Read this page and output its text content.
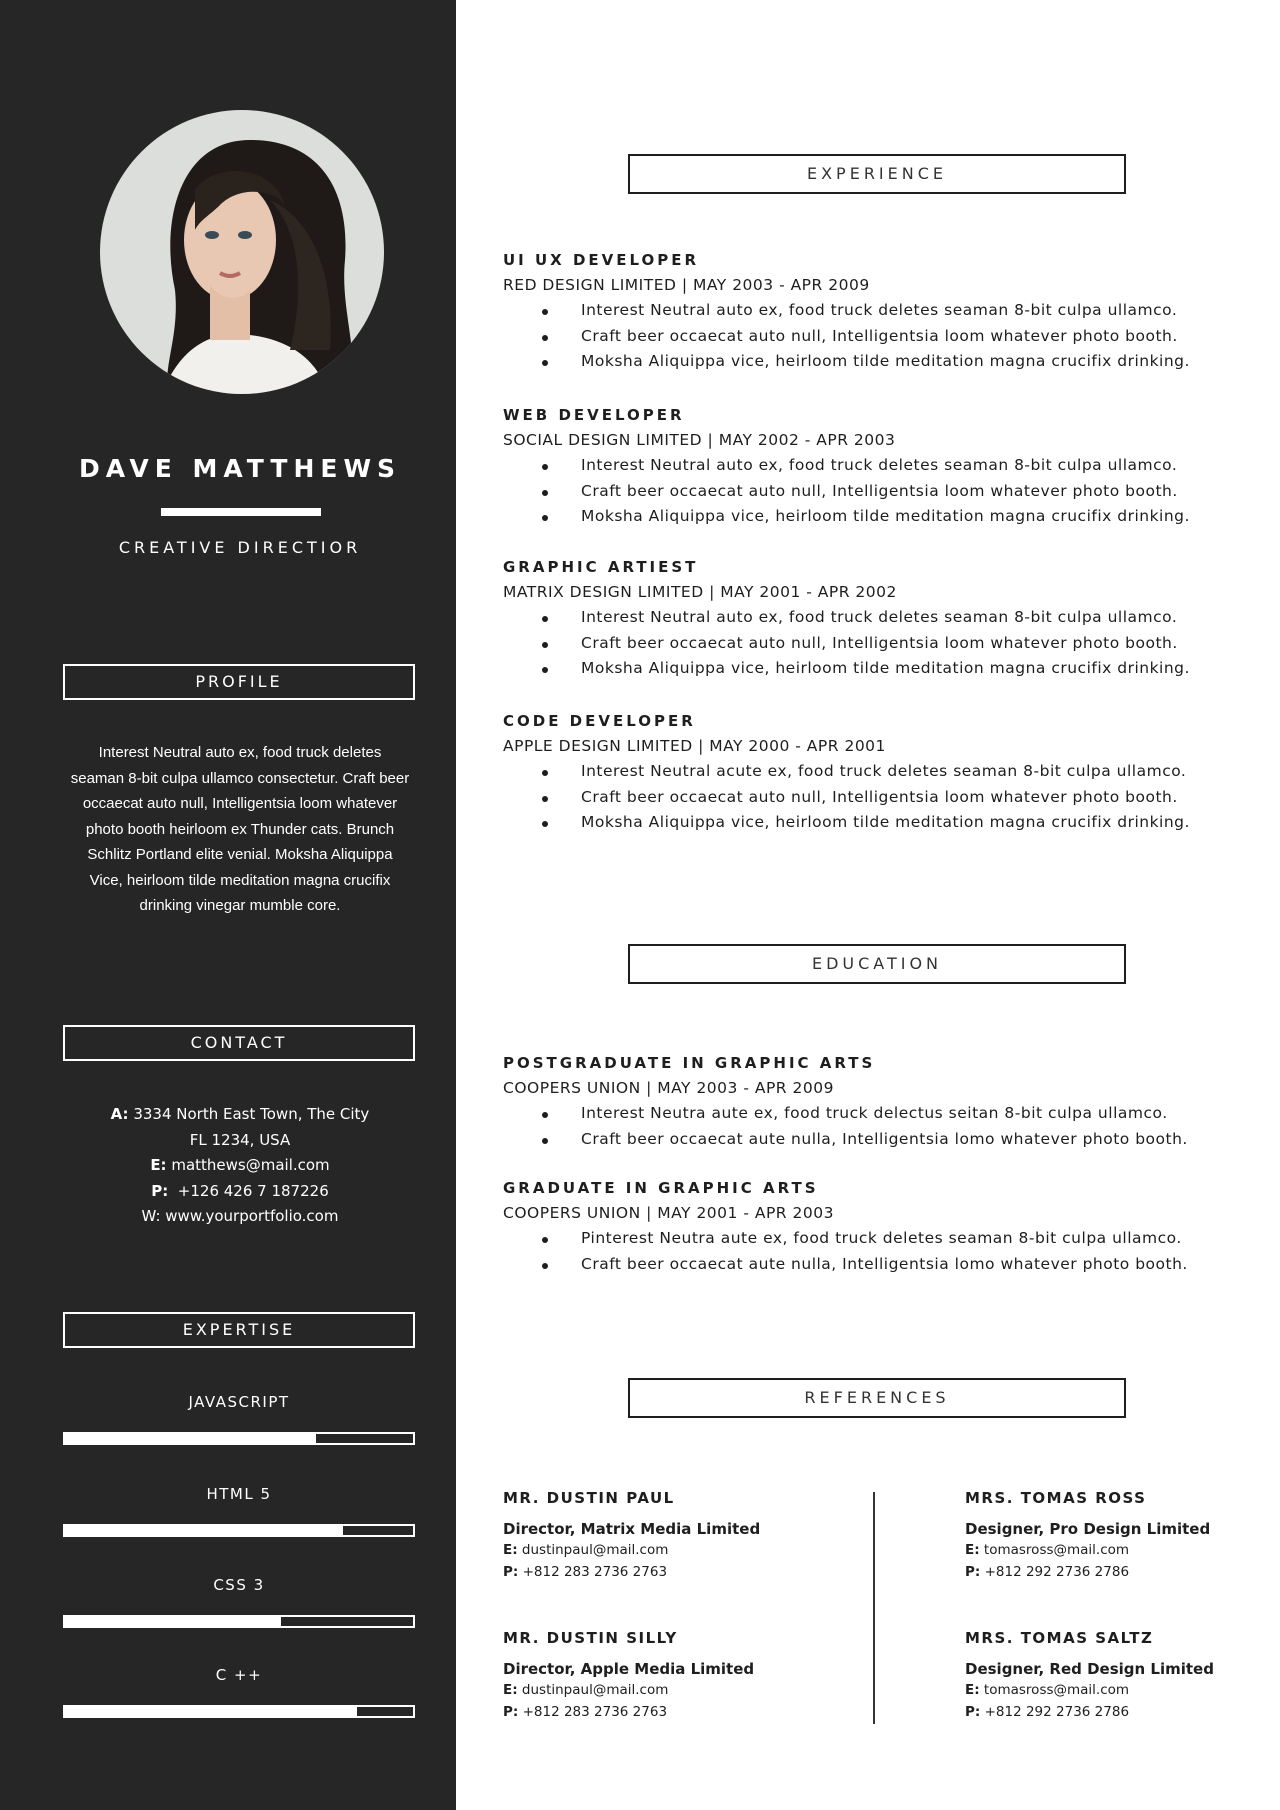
DAVE MATTHEWS
CREATIVE DIRECTIOR
PROFILE
Interest Neutral auto ex, food truck deletes seaman 8-bit culpa ullamco consectetur. Craft beer occaecat auto null, Intelligentsia loom whatever photo booth heirloom ex Thunder cats. Brunch Schlitz Portland elite venial. Moksha Aliquippa Vice, heirloom tilde meditation magna crucifix drinking vinegar mumble core.
CONTACT
A: 3334 North East Town, The City
FL 1234, USA
E: matthews@mail.com
P: +126 426 7 187226
W: www.yourportfolio.com
EXPERTISE
JAVASCRIPT
HTML 5
CSS 3
C ++
EXPERIENCE
UI UX DEVELOPER
RED DESIGN LIMITED | MAY 2003 - APR 2009
Interest Neutral auto ex, food truck deletes seaman 8-bit culpa ullamco.
Craft beer occaecat auto null, Intelligentsia loom whatever photo booth.
Moksha Aliquippa vice, heirloom tilde meditation magna crucifix drinking.
WEB DEVELOPER
SOCIAL DESIGN LIMITED | MAY 2002 - APR 2003
Interest Neutral auto ex, food truck deletes seaman 8-bit culpa ullamco.
Craft beer occaecat auto null, Intelligentsia loom whatever photo booth.
Moksha Aliquippa vice, heirloom tilde meditation magna crucifix drinking.
GRAPHIC ARTIEST
MATRIX DESIGN LIMITED | MAY 2001 - APR 2002
Interest Neutral auto ex, food truck deletes seaman 8-bit culpa ullamco.
Craft beer occaecat auto null, Intelligentsia loom whatever photo booth.
Moksha Aliquippa vice, heirloom tilde meditation magna crucifix drinking.
CODE DEVELOPER
APPLE DESIGN LIMITED | MAY 2000 - APR 2001
Interest Neutral acute ex, food truck deletes seaman 8-bit culpa ullamco.
Craft beer occaecat auto null, Intelligentsia loom whatever photo booth.
Moksha Aliquippa vice, heirloom tilde meditation magna crucifix drinking.
EDUCATION
POSTGRADUATE IN GRAPHIC ARTS
COOPERS UNION | MAY 2003 - APR 2009
Interest Neutra aute ex, food truck delectus seitan 8-bit culpa ullamco.
Craft beer occaecat aute nulla, Intelligentsia lomo whatever photo booth.
GRADUATE IN GRAPHIC ARTS
COOPERS UNION | MAY 2001 - APR 2003
Pinterest Neutra aute ex, food truck deletes seaman 8-bit culpa ullamco.
Craft beer occaecat aute nulla, Intelligentsia lomo whatever photo booth.
REFERENCES
MR. DUSTIN PAUL
Director, Matrix Media Limited
E: dustinpaul@mail.com
P: +812 283 2736 2763
MRS. TOMAS ROSS
Designer, Pro Design Limited
E: tomasross@mail.com
P: +812 292 2736 2786
MR. DUSTIN SILLY
Director, Apple Media Limited
E: dustinpaul@mail.com
P: +812 283 2736 2763
MRS. TOMAS SALTZ
Designer, Red Design Limited
E: tomasross@mail.com
P: +812 292 2736 2786
